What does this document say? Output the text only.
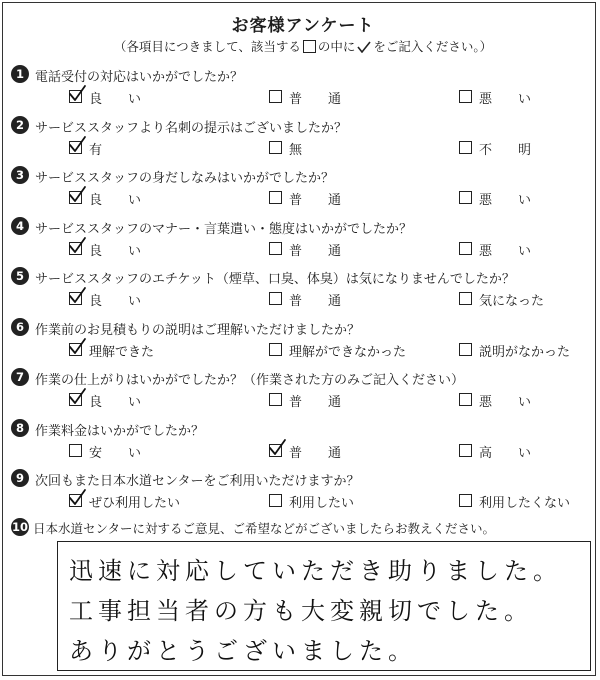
お客様アンケート
（各項目につきまして、該当する の中に をご記入ください。）
1 電話受付の対応はいかがでしたか？
良　　い	普　　通	悪　　い
2 サービススタッフより名刺の提示はございましたか？
有	無	不　　明
3 サービススタッフの身だしなみはいかがでしたか？
良　　い	普　　通	悪　　い
4 サービススタッフのマナー・言葉遣い・態度はいかがでしたか？
良　　い	普　　通	悪　　い
5 サービススタッフのエチケット（煙草、口臭、体臭）は気になりませんでしたか？
良　　い	普　　通	気になった
6 作業前のお見積もりの説明はご理解いただけましたか？
理解できた	理解ができなかった	説明がなかった
7 作業の仕上がりはいかがでしたか？（作業された方のみご記入ください）
良　　い	普　　通	悪　　い
8 作業料金はいかがでしたか？
安　　い	普　　通	高　　い
9 次回もまた日本水道センターをご利用いただけますか？
ぜひ利用したい	利用したい	利用したくない
10 日本水道センターに対するご意見、ご希望などがございましたらお教えください。
迅速に対応していただき助りました。
工事担当者の方も大変親切でした。
ありがとうございました。
